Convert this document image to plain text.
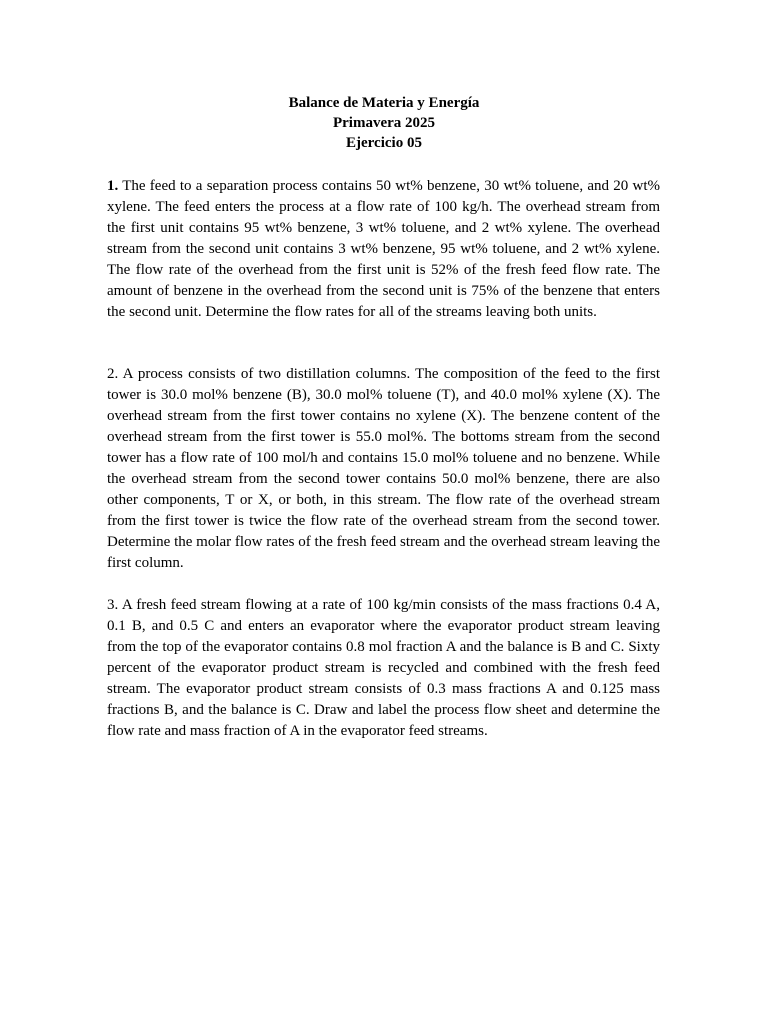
Balance de Materia y Energía
Primavera 2025
Ejercicio 05

1. The feed to a separation process contains 50 wt% benzene, 30 wt% toluene, and 20 wt% xylene. The feed enters the process at a flow rate of 100 kg/h. The overhead stream from the first unit contains 95 wt% benzene, 3 wt% toluene, and 2 wt% xylene. The overhead stream from the second unit contains 3 wt% benzene, 95 wt% toluene, and 2 wt% xylene. The flow rate of the overhead from the first unit is 52% of the fresh feed flow rate. The amount of benzene in the overhead from the second unit is 75% of the benzene that enters the second unit. Determine the flow rates for all of the streams leaving both units.

2. A process consists of two distillation columns. The composition of the feed to the first tower is 30.0 mol% benzene (B), 30.0 mol% toluene (T), and 40.0 mol% xylene (X). The overhead stream from the first tower contains no xylene (X). The benzene content of the overhead stream from the first tower is 55.0 mol%. The bottoms stream from the second tower has a flow rate of 100 mol/h and contains 15.0 mol% toluene and no benzene. While the overhead stream from the second tower contains 50.0 mol% benzene, there are also other components, T or X, or both, in this stream. The flow rate of the overhead stream from the first tower is twice the flow rate of the overhead stream from the second tower. Determine the molar flow rates of the fresh feed stream and the overhead stream leaving the first column.

3. A fresh feed stream flowing at a rate of 100 kg/min consists of the mass fractions 0.4 A, 0.1 B, and 0.5 C and enters an evaporator where the evaporator product stream leaving from the top of the evaporator contains 0.8 mol fraction A and the balance is B and C. Sixty percent of the evaporator product stream is recycled and combined with the fresh feed stream. The evaporator product stream consists of 0.3 mass fractions A and 0.125 mass fractions B, and the balance is C. Draw and label the process flow sheet and determine the flow rate and mass fraction of A in the evaporator feed streams.
